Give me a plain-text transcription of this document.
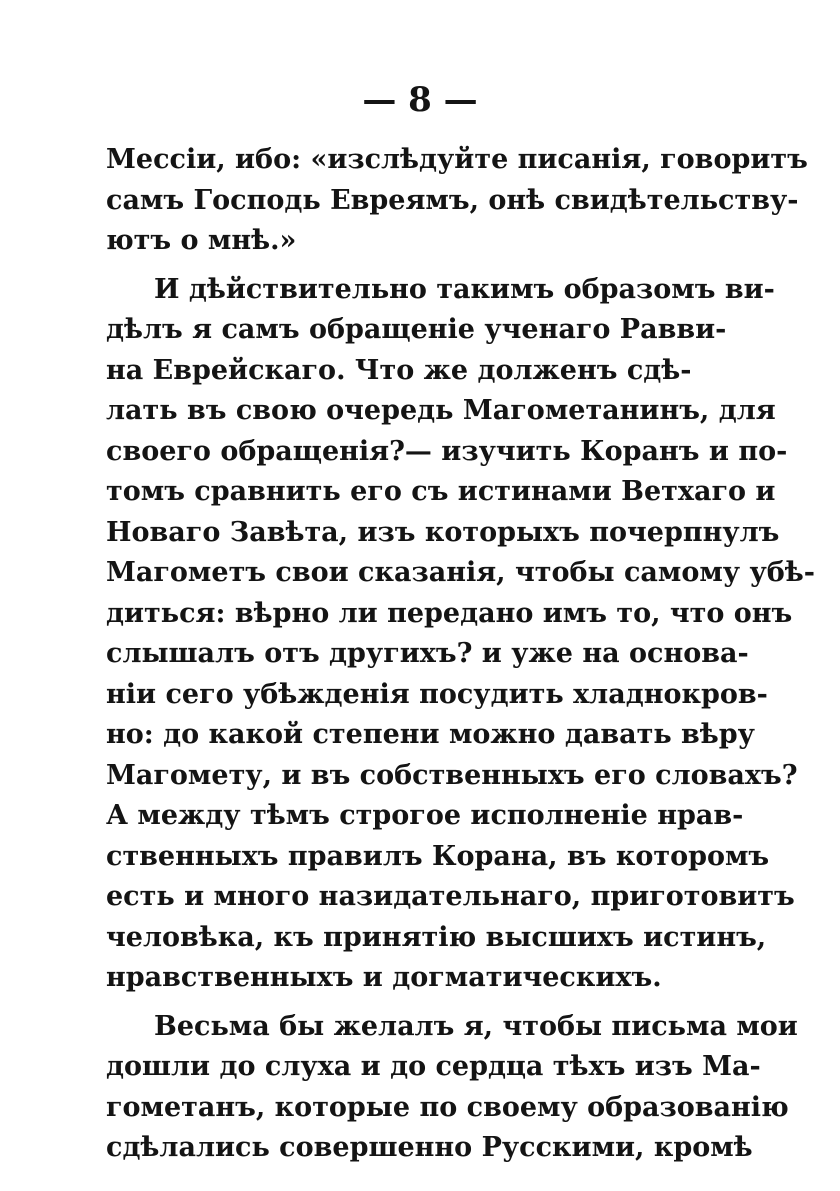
— 8 —
Мессіи, ибо: «изслѣдуйте писанія, говоритъ
самъ Господь Евреямъ, онѣ свидѣтельству-
ютъ о мнѣ.»
И дѣйствительно такимъ образомъ ви-
дѣлъ я самъ обращеніе ученаго Равви-
на Еврейскаго. Что же долженъ сдѣ-
лать въ свою очередь Магометанинъ, для
своего обращенія?— изучить Коранъ и по-
томъ сравнить его съ истинами Ветхаго и
Новаго Завѣта, изъ которыхъ почерпнулъ
Магометъ свои сказанія, чтобы самому убѣ-
диться: вѣрно ли передано имъ то, что онъ
слышалъ отъ другихъ? и уже на основа-
ніи сего убѣжденія посудить хладнокров-
но: до какой степени можно давать вѣру
Магомету, и въ собственныхъ его словахъ?
А между тѣмъ строгое исполненіе нрав-
ственныхъ правилъ Корана, въ которомъ
есть и много назидательнаго, приготовитъ
человѣка, къ принятію высшихъ истинъ,
нравственныхъ и догматическихъ.
Весьма бы желалъ я, чтобы письма мои
дошли до слуха и до сердца тѣхъ изъ Ма-
гометанъ, которые по своему образованію
сдѣлались совершенно Русскими, кромѣ
